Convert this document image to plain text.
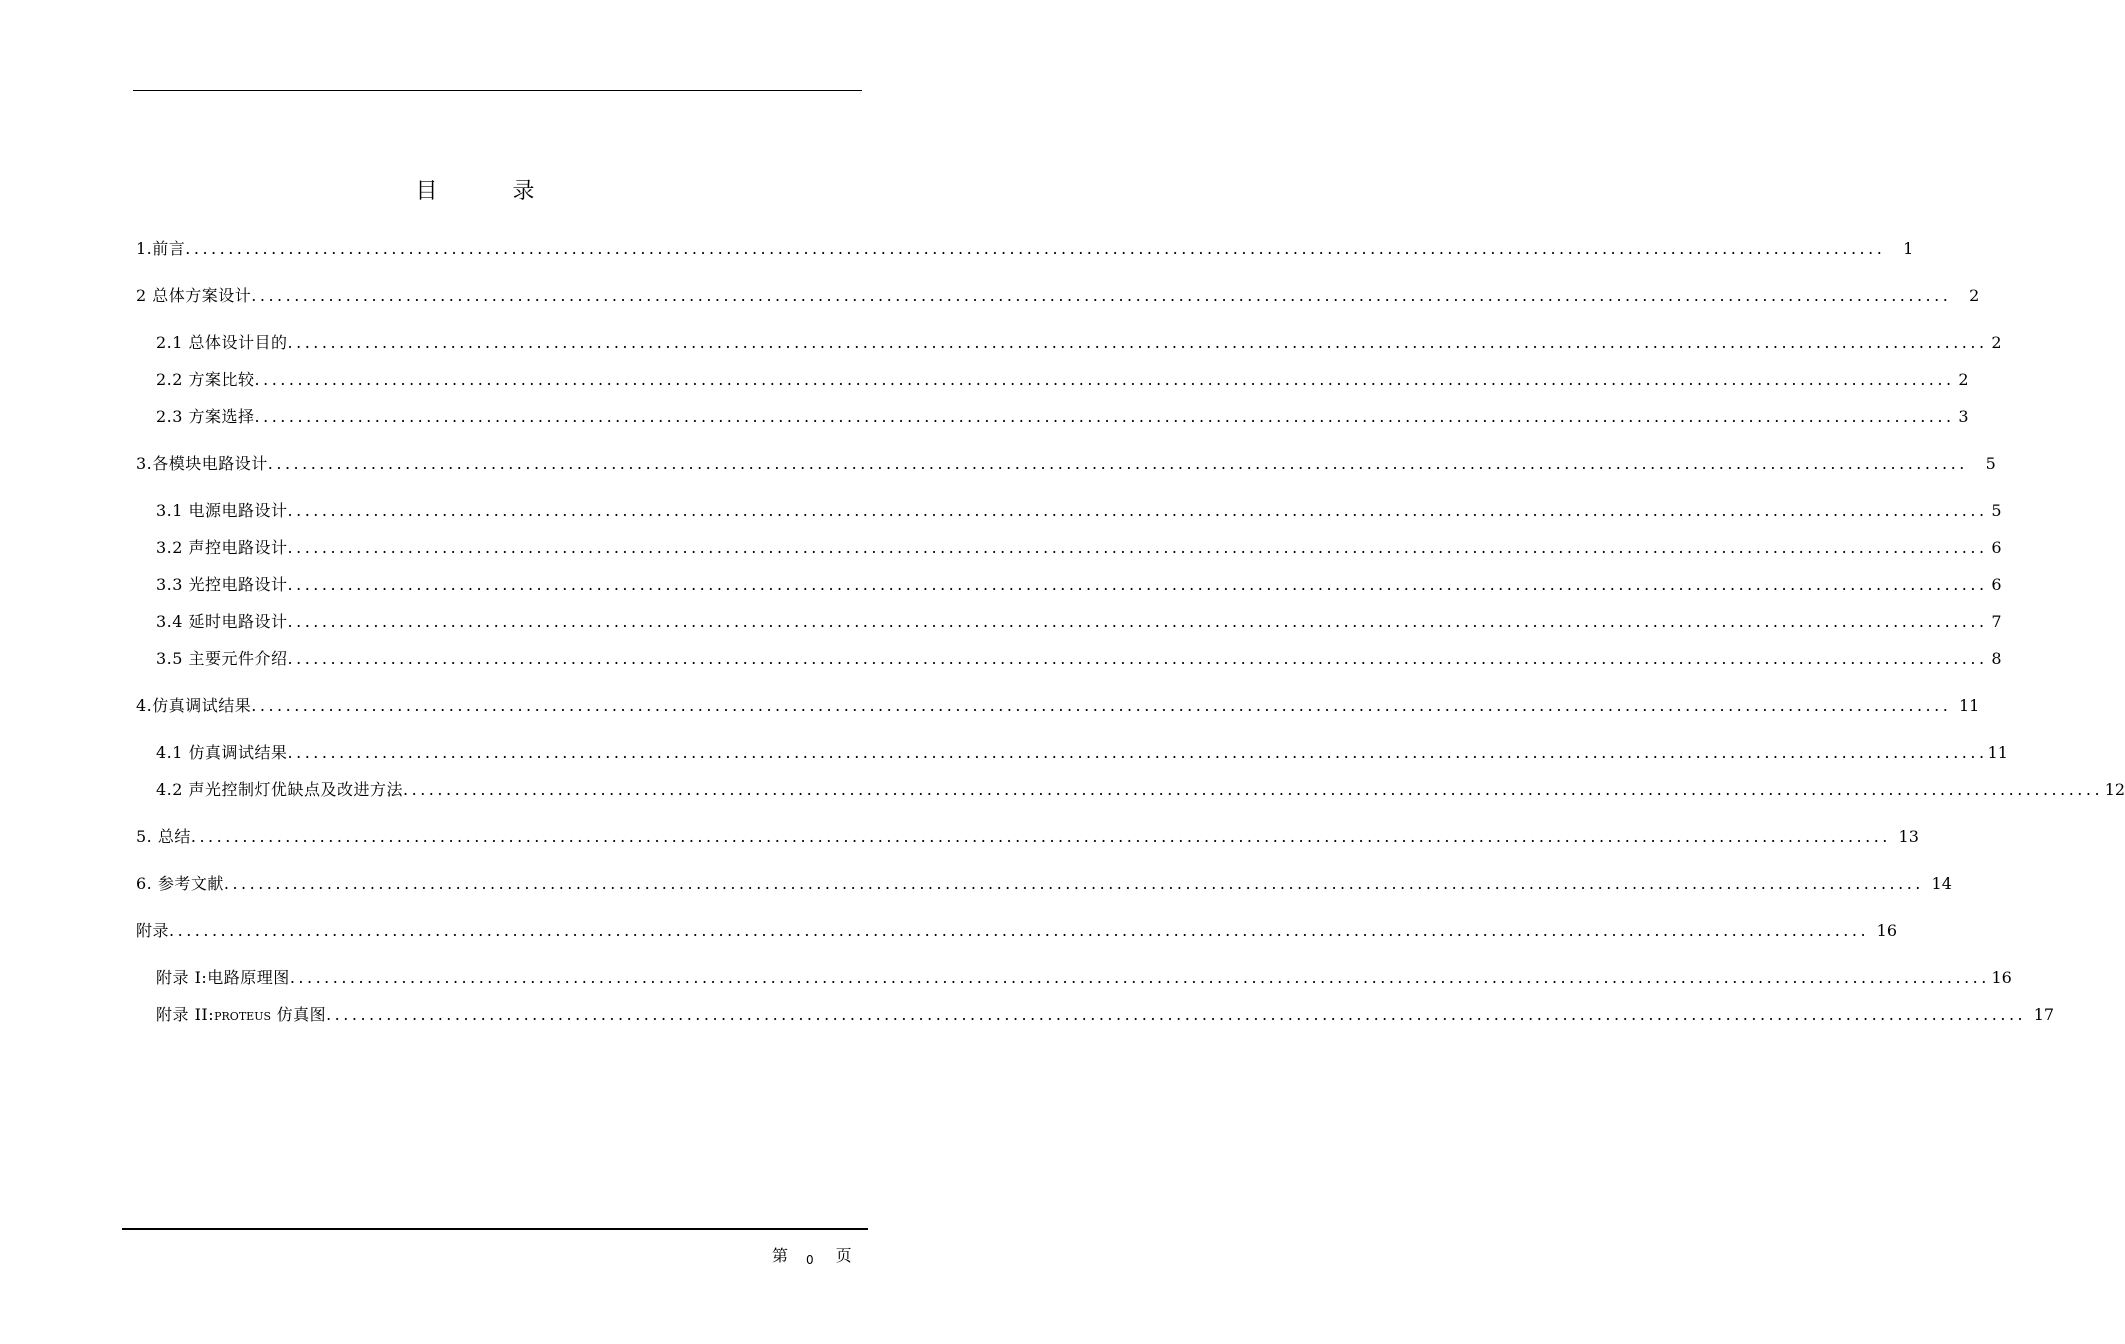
目 录
1.前言 .....	1
2 总体方案设计 .....	2
2.1 总体设计目的 .....	2
2.2 方案比较 .....	2
2.3 方案选择 .....	3
3.各模块电路设计 .....	5
3.1 电源电路设计 .....	5
3.2 声控电路设计 .....	6
3.3 光控电路设计 .....	6
3.4 延时电路设计 .....	7
3.5 主要元件介绍 .....	8
4.仿真调试结果 .....	11
4.1 仿真调试结果 .....	11
4.2 声光控制灯优缺点及改进方法 .....	12
5. 总结 .....	13
6. 参考文献 .....	14
附录 .....	16
附录 I:电路原理图 .....	16
附录 II:PROTEUS 仿真图 .....	17
第 0 页
